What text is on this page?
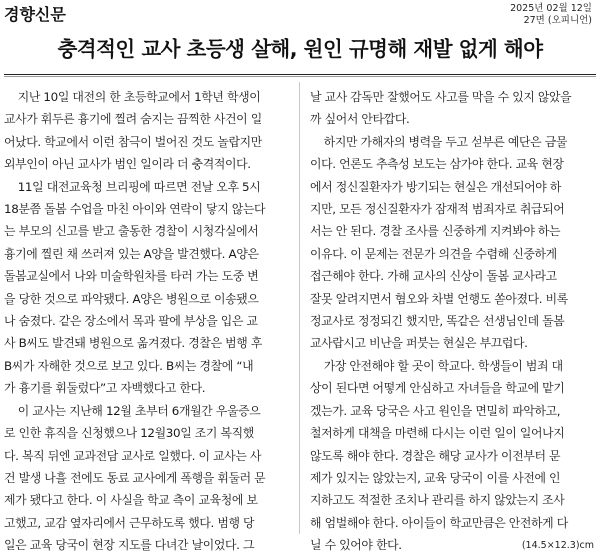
경향신문	2025년 02월 12일
27면 (오피니언)
충격적인 교사 초등생 살해, 원인 규명해 재발 없게 해야

지난 10일 대전의 한 초등학교에서 1학년 학생이

교사가 휘두른 흉기에 찔려 숨지는 끔찍한 사건이 일

어났다. 학교에서 이런 참극이 벌어진 것도 놀랍지만

외부인이 아닌 교사가 범인 일이라 더 충격적이다.

11일 대전교육청 브리핑에 따르면 전날 오후 5시

18분쯤 돌봄 수업을 마친 아이와 연락이 닿지 않는다

는 부모의 신고를 받고 출동한 경찰이 시청각실에서

흉기에 찔린 채 쓰러져 있는 A양을 발견했다. A양은

돌봄교실에서 나와 미술학원차를 타러 가는 도중 변

을 당한 것으로 파악됐다. A양은 병원으로 이송됐으

나 숨졌다. 같은 장소에서 목과 팔에 부상을 입은 교

사 B씨도 발견돼 병원으로 옮겨졌다. 경찰은 범행 후

B씨가 자해한 것으로 보고 있다. B씨는 경찰에 “내

가 흉기를 휘둘렀다”고 자백했다고 한다.

이 교사는 지난해 12월 초부터 6개월간 우울증으

로 인한 휴직을 신청했으나 12월30일 조기 복직했

다. 복직 뒤엔 교과전담 교사로 일했다. 이 교사는 사

건 발생 나흘 전에도 동료 교사에게 폭행을 휘둘러 문

제가 됐다고 한다. 이 사실을 학교 측이 교육청에 보

고했고, 교감 옆자리에서 근무하도록 했다. 범행 당

일은 교육 당국이 현장 지도를 다녀간 날이었다. 그

날 교사 감독만 잘했어도 사고를 막을 수 있지 않았을

까 싶어서 안타깝다.

하지만 가해자의 병력을 두고 섣부른 예단은 금물

이다. 언론도 추측성 보도는 삼가야 한다. 교육 현장

에서 정신질환자가 방기되는 현실은 개선되어야 하

지만, 모든 정신질환자가 잠재적 범죄자로 취급되어

서는 안 된다. 경찰 조사를 신중하게 지켜봐야 하는

이유다. 이 문제는 전문가 의견을 수렴해 신중하게

접근해야 한다. 가해 교사의 신상이 돌봄 교사라고

잘못 알려지면서 혐오와 차별 언행도 쏟아졌다. 비록

정교사로 정정되긴 했지만, 똑같은 선생님인데 돌봄

교사랍시고 비난을 퍼붓는 현실은 부끄럽다.

가장 안전해야 할 곳이 학교다. 학생들이 범죄 대

상이 된다면 어떻게 안심하고 자녀들을 학교에 맡기

겠는가. 교육 당국은 사고 원인을 면밀히 파악하고,

철저하게 대책을 마련해 다시는 이런 일이 일어나지

않도록 해야 한다. 경찰은 해당 교사가 이전부터 문

제가 있지는 않았는지, 교육 당국이 이를 사전에 인

지하고도 적절한 조치나 관리를 하지 않았는지 조사

해 엄벌해야 한다. 아이들이 학교만큼은 안전하게 다

닐 수 있어야 한다.	(14.5×12.3)cm
